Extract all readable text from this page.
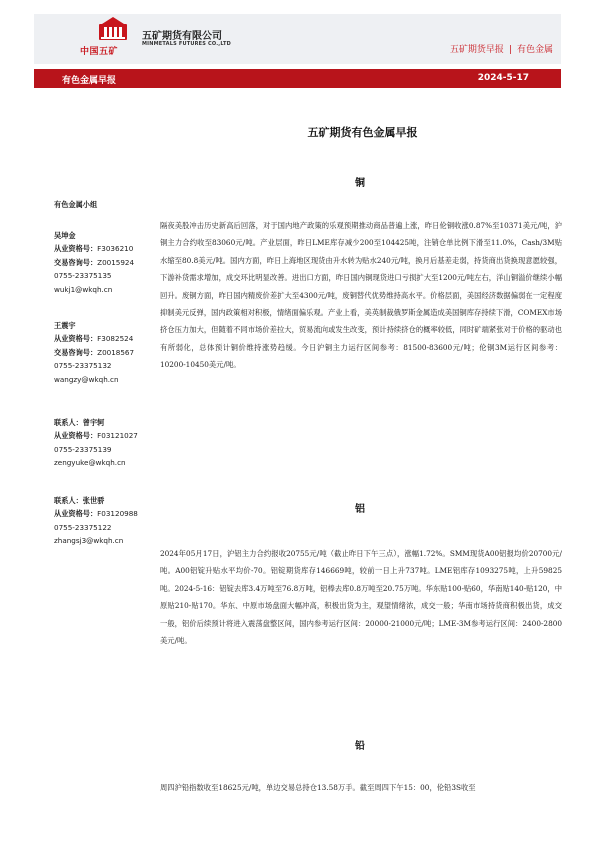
中国五矿
五矿期货有限公司
MINMETALS FUTURES CO.,LTD
五矿期货早报 | 有色金属
有色金属早报	2024-5-17
五矿期货有色金属早报
有色金属小组
吴坤金
从业资格号：F3036210
交易咨询号：Z0015924
0755-23375135
wukj1@wkqh.cn
王震宇
从业资格号：F3082524
交易咨询号：Z0018567
0755-23375132
wangzy@wkqh.cn
联系人：曾宇轲
从业资格号：F03121027
0755-23375139
zengyuke@wkqh.cn
联系人：张世骄
从业资格号：F03120988
0755-23375122
zhangsj3@wkqh.cn
铜
隔夜美股冲击历史新高后回落，对于国内地产政策的乐观预期推动商品普遍上涨，昨日伦铜收涨0.87%至10371美元/吨，沪铜主力合约收至83060元/吨。产业层面，昨日LME库存减少200至104425吨，注销仓单比例下滑至11.0%，Cash/3M贴水缩至80.8美元/吨。国内方面，昨日上海地区现货由升水转为贴水240元/吨，换月后基差走弱，持货商出货换现意愿较强，下游补货需求增加，成交环比明显改善。进出口方面，昨日国内铜现货进口亏损扩大至1200元/吨左右，洋山铜溢价继续小幅回升。废铜方面，昨日国内精废价差扩大至4300元/吨，废铜替代优势维持高水平。价格层面，美国经济数据偏弱在一定程度抑制美元反弹，国内政策相对积极，情绪面偏乐观。产业上看，美英制裁俄罗斯金属造成美国铜库存持续下滑，COMEX市场挤仓压力加大，但随着不同市场价差拉大，贸易流向或发生改变，预计持续挤仓的概率较低，同时矿端紧张对于价格的驱动也有所弱化，总体预计铜价维持涨势趋缓。今日沪铜主力运行区间参考：81500-83600元/吨；伦铜3M运行区间参考：10200-10450美元/吨。
铝
2024年05月17日，沪铝主力合约报收20755元/吨（截止昨日下午三点），涨幅1.72%。SMM现货A00铝报均价20700元/吨。A00铝锭升贴水平均价-70。铝锭期货库存146669吨，较前一日上升737吨。LME铝库存1093275吨，上升59825吨。2024-5-16：铝锭去库3.4万吨至76.8万吨，铝棒去库0.8万吨至20.75万吨。华东贴100-贴60，华南贴140-贴120，中原贴210-贴170。华东、中原市场盘面大幅冲高，积极出货为主，观望情绪浓，成交一般；华南市场持货商积极出货，成交一般，铝价后续预计将进入震荡盘整区间，国内参考运行区间：20000-21000元/吨；LME-3M参考运行区间：2400-2800美元/吨。
铅
周四沪铅指数收至18625元/吨，单边交易总持仓13.58万手。截至周四下午15：00，伦铅3S收至
